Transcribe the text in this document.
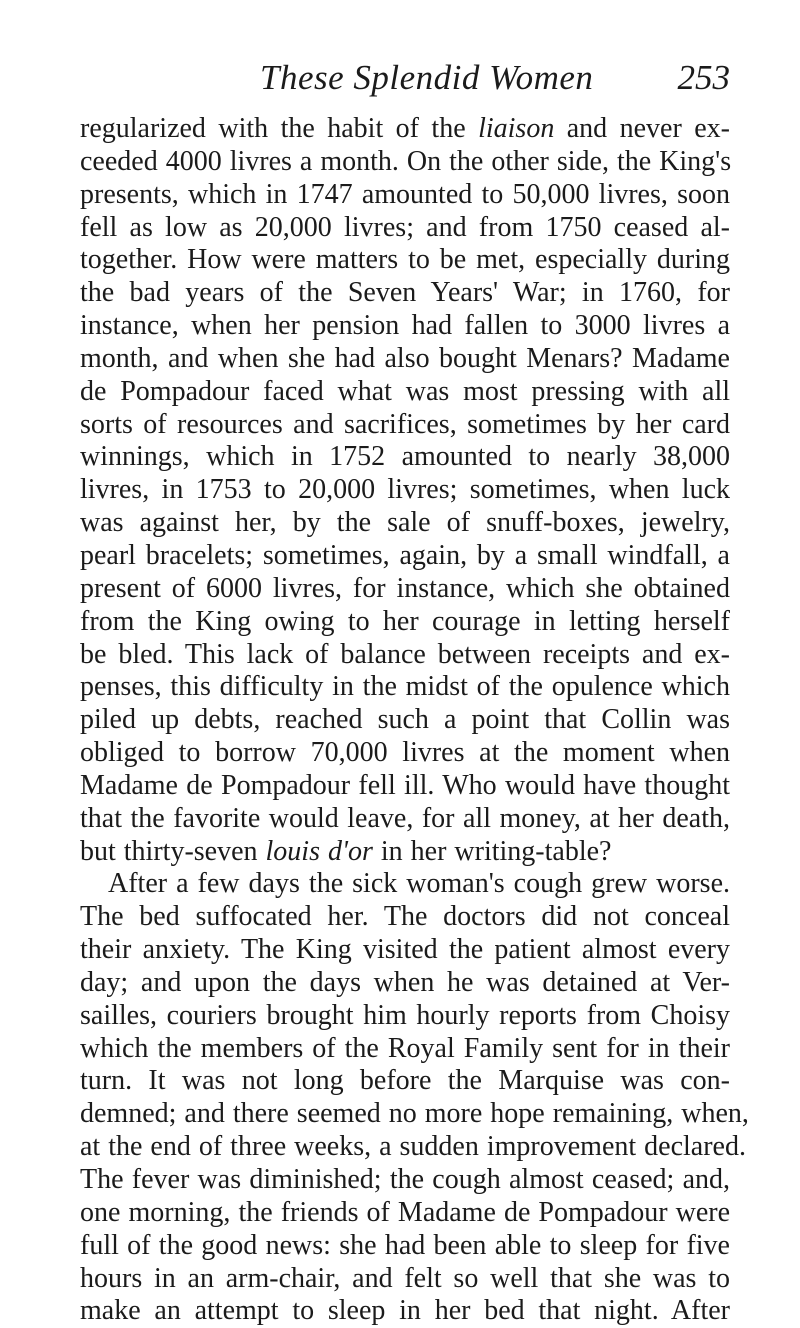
These Splendid Women 253
regularized with the habit of the liaison and never ex-
ceeded 4000 livres a month. On the other side, the King's
presents, which in 1747 amounted to 50,000 livres, soon
fell as low as 20,000 livres; and from 1750 ceased al-
together. How were matters to be met, especially during
the bad years of the Seven Years' War; in 1760, for
instance, when her pension had fallen to 3000 livres a
month, and when she had also bought Menars? Madame
de Pompadour faced what was most pressing with all
sorts of resources and sacrifices, sometimes by her card
winnings, which in 1752 amounted to nearly 38,000
livres, in 1753 to 20,000 livres; sometimes, when luck
was against her, by the sale of snuff-boxes, jewelry,
pearl bracelets; sometimes, again, by a small windfall, a
present of 6000 livres, for instance, which she obtained
from the King owing to her courage in letting herself
be bled. This lack of balance between receipts and ex-
penses, this difficulty in the midst of the opulence which
piled up debts, reached such a point that Collin was
obliged to borrow 70,000 livres at the moment when
Madame de Pompadour fell ill. Who would have thought
that the favorite would leave, for all money, at her death,
but thirty-seven louis d'or in her writing-table?
After a few days the sick woman's cough grew worse.
The bed suffocated her. The doctors did not conceal
their anxiety. The King visited the patient almost every
day; and upon the days when he was detained at Ver-
sailles, couriers brought him hourly reports from Choisy
which the members of the Royal Family sent for in their
turn. It was not long before the Marquise was con-
demned; and there seemed no more hope remaining, when,
at the end of three weeks, a sudden improvement declared.
The fever was diminished; the cough almost ceased; and,
one morning, the friends of Madame de Pompadour were
full of the good news: she had been able to sleep for five
hours in an arm-chair, and felt so well that she was to
make an attempt to sleep in her bed that night. After
